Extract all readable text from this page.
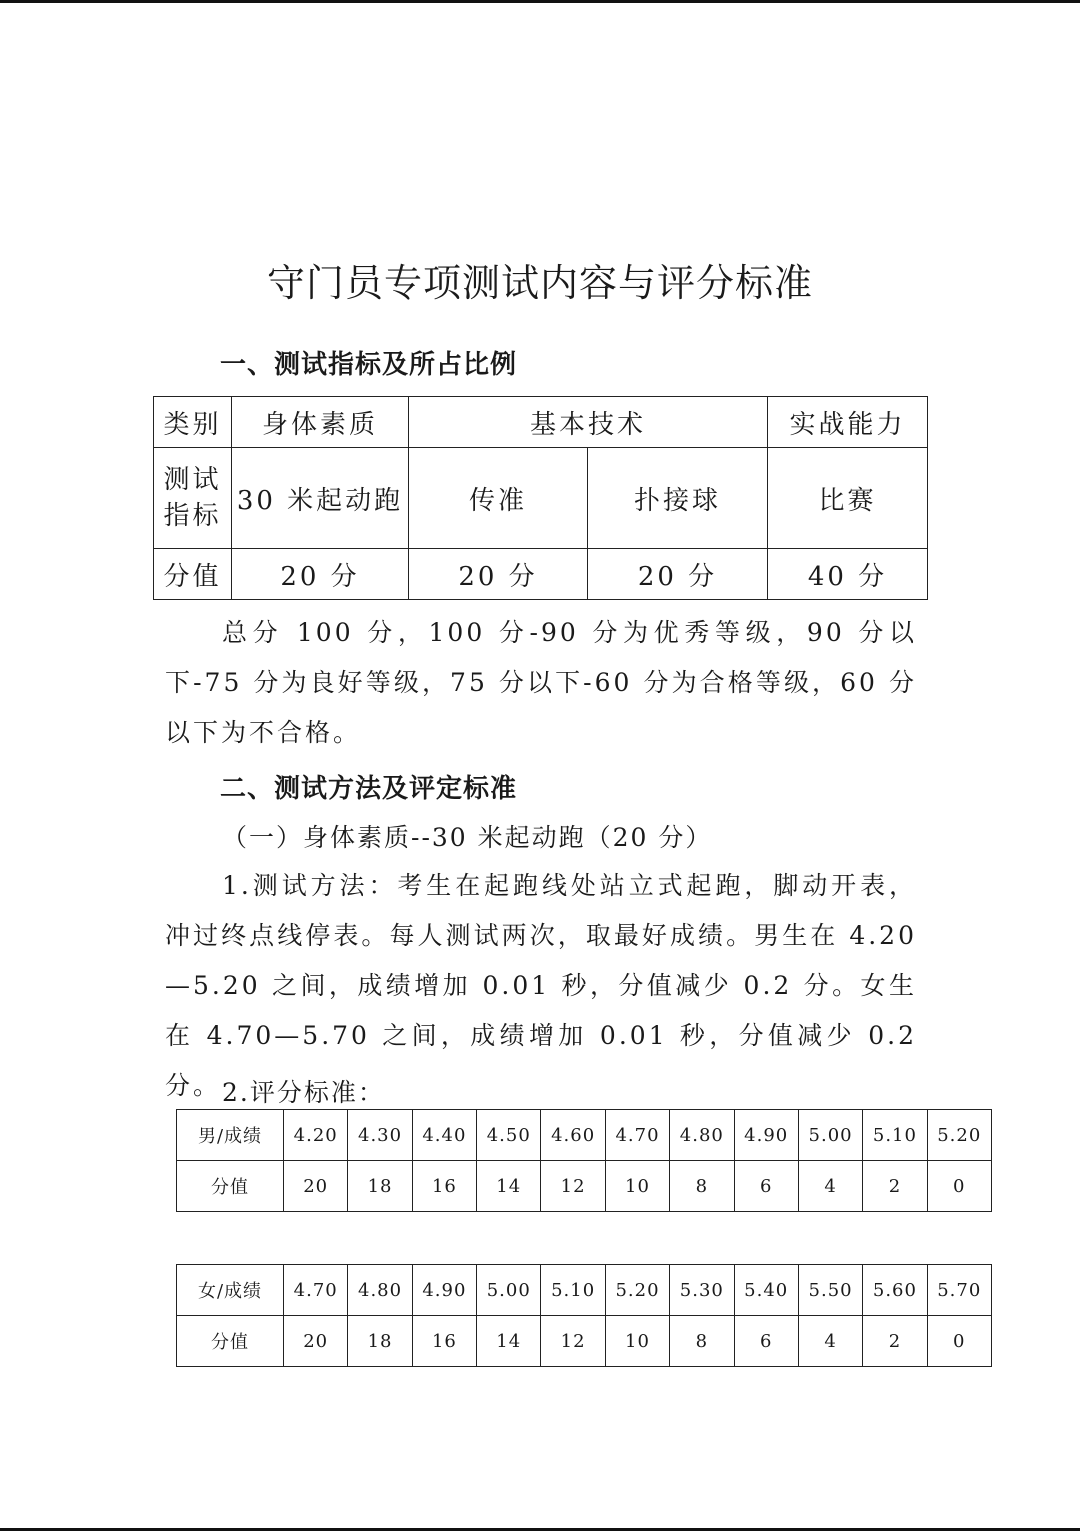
守门员专项测试内容与评分标准
一、测试指标及所占比例
类别	身体素质	基本技术		实战能力
测试指标	30 米起动跑	传准	扑接球	比赛
分值	20 分	20 分	20 分	40 分

总分 100 分，100 分-90 分为优秀等级，90 分以下-75 分为良好等级，75 分以下-60 分为合格等级，60 分以下为不合格。

二、测试方法及评定标准

（一）身体素质--30 米起动跑（20 分）

1.测试方法：考生在起跑线处站立式起跑，脚动开表，冲过终点线停表。每人测试两次，取最好成绩。男生在 4.20—5.20 之间，成绩增加 0.01 秒，分值减少 0.2 分。女生在 4.70—5.70 之间，成绩增加 0.01 秒，分值减少 0.2 分。 2.评分标准：

男/成绩	4.20	4.30	4.40	4.50	4.60	4.70	4.80	4.90	5.00	5.10	5.20
分值	20	18	16	14	12	10	8	6	4	2	0
女/成绩	4.70	4.80	4.90	5.00	5.10	5.20	5.30	5.40	5.50	5.60	5.70
分值	20	18	16	14	12	10	8	6	4	2	0
